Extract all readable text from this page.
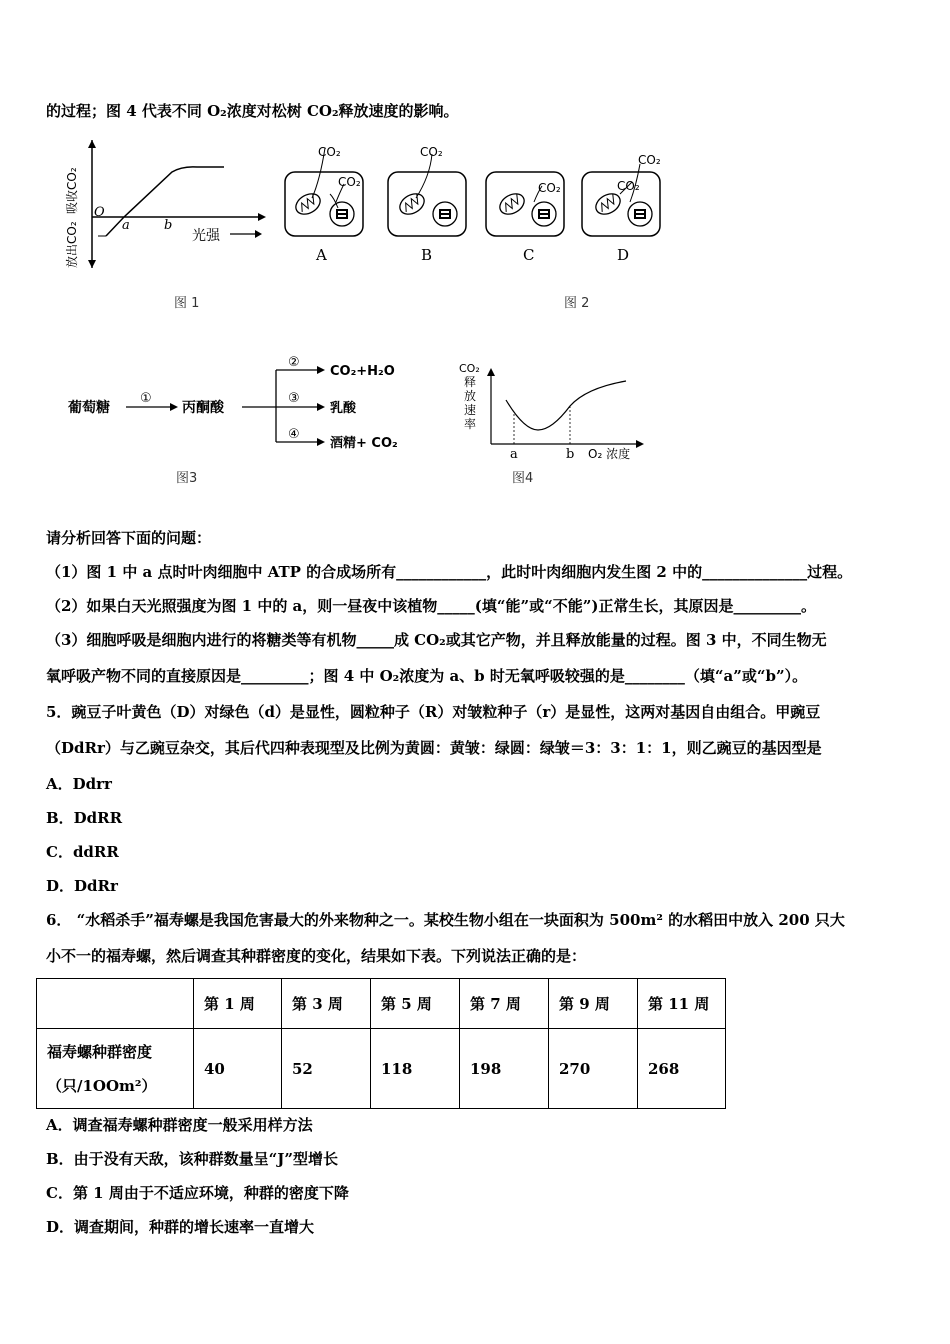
的过程；图 4 代表不同 O₂浓度对松树 CO₂释放速度的影响。
吸收CO₂
放出CO₂
O
a	b
光强
图 1
CO₂
CO₂
A
CO₂
B
CO₂
C
CO₂
CO₂
D
图 2
葡萄糖
①
丙酮酸
②
③
④
CO₂+H₂O
乳酸
酒精+ CO₂
图3
CO₂
释
放
速
率
a	b O₂ 浓度
图4
请分析回答下面的问题：
（1）图 1 中 a 点时叶肉细胞中 ATP 的合成场所有____________，此时叶肉细胞内发生图 2 中的______________过程。
（2）如果白天光照强度为图 1 中的 a，则一昼夜中该植物_____(填“能”或“不能”)正常生长，其原因是_________。
（3）细胞呼吸是细胞内进行的将糖类等有机物_____成 CO₂或其它产物，并且释放能量的过程。图 3 中，不同生物无
氧呼吸产物不同的直接原因是_________；图 4 中 O₂浓度为 a、b 时无氧呼吸较强的是________（填“a”或“b”）。
5．豌豆子叶黄色（D）对绿色（d）是显性，圆粒种子（R）对皱粒种子（r）是显性，这两对基因自由组合。甲豌豆
（DdRr）与乙豌豆杂交，其后代四种表现型及比例为黄圆：黄皱：绿圆：绿皱＝3：3：1：1，则乙豌豆的基因型是
A．Ddrr
B．DdRR
C．ddRR
D．DdRr
6． “水稻杀手”福寿螺是我国危害最大的外来物种之一。某校生物小组在一块面积为 500m² 的水稻田中放入 200 只大
小不一的福寿螺，然后调查其种群密度的变化，结果如下表。下列说法正确的是：
	第 1 周	第 3 周	第 5 周	第 7 周	第 9 周	第 11 周

福寿螺种群密度
（只/1OOm²）	40	52	118	198	270	268
A．调查福寿螺种群密度一般采用样方法
B．由于没有天敌，该种群数量呈“J”型增长
C．第 1 周由于不适应环境，种群的密度下降
D．调查期间，种群的增长速率一直增大
